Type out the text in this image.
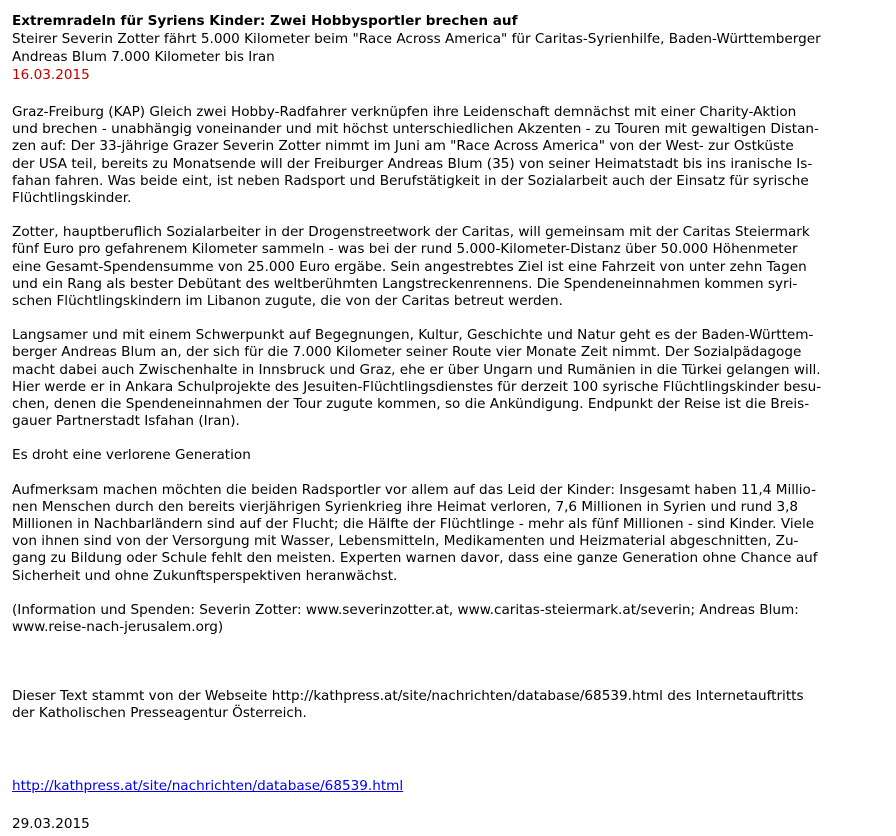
Extremradeln für Syriens Kinder: Zwei Hobbysportler brechen auf
Steirer Severin Zotter fährt 5.000 Kilometer beim "Race Across America" für Caritas-Syrienhilfe, Baden-Württemberger
Andreas Blum 7.000 Kilometer bis Iran
16.03.2015
Graz-Freiburg (KAP) Gleich zwei Hobby-Radfahrer verknüpfen ihre Leidenschaft demnächst mit einer Charity-Aktion
und brechen - unabhängig voneinander und mit höchst unterschiedlichen Akzenten - zu Touren mit gewaltigen Distan-
zen auf: Der 33-jährige Grazer Severin Zotter nimmt im Juni am "Race Across America" von der West- zur Ostküste
der USA teil, bereits zu Monatsende will der Freiburger Andreas Blum (35) von seiner Heimatstadt bis ins iranische Is-
fahan fahren. Was beide eint, ist neben Radsport und Berufstätigkeit in der Sozialarbeit auch der Einsatz für syrische
Flüchtlingskinder.
Zotter, hauptberuflich Sozialarbeiter in der Drogenstreetwork der Caritas, will gemeinsam mit der Caritas Steiermark
fünf Euro pro gefahrenem Kilometer sammeln - was bei der rund 5.000-Kilometer-Distanz über 50.000 Höhenmeter
eine Gesamt-Spendensumme von 25.000 Euro ergäbe. Sein angestrebtes Ziel ist eine Fahrzeit von unter zehn Tagen
und ein Rang als bester Debütant des weltberühmten Langstreckenrennens. Die Spendeneinnahmen kommen syri-
schen Flüchtlingskindern im Libanon zugute, die von der Caritas betreut werden.
Langsamer und mit einem Schwerpunkt auf Begegnungen, Kultur, Geschichte und Natur geht es der Baden-Württem-
berger Andreas Blum an, der sich für die 7.000 Kilometer seiner Route vier Monate Zeit nimmt. Der Sozialpädagoge
macht dabei auch Zwischenhalte in Innsbruck und Graz, ehe er über Ungarn und Rumänien in die Türkei gelangen will.
Hier werde er in Ankara Schulprojekte des Jesuiten-Flüchtlingsdienstes für derzeit 100 syrische Flüchtlingskinder besu-
chen, denen die Spendeneinnahmen der Tour zugute kommen, so die Ankündigung. Endpunkt der Reise ist die Breis-
gauer Partnerstadt Isfahan (Iran).
Es droht eine verlorene Generation
Aufmerksam machen möchten die beiden Radsportler vor allem auf das Leid der Kinder: Insgesamt haben 11,4 Millio-
nen Menschen durch den bereits vierjährigen Syrienkrieg ihre Heimat verloren, 7,6 Millionen in Syrien und rund 3,8
Millionen in Nachbarländern sind auf der Flucht; die Hälfte der Flüchtlinge - mehr als fünf Millionen - sind Kinder. Viele
von ihnen sind von der Versorgung mit Wasser, Lebensmitteln, Medikamenten und Heizmaterial abgeschnitten, Zu-
gang zu Bildung oder Schule fehlt den meisten. Experten warnen davor, dass eine ganze Generation ohne Chance auf
Sicherheit und ohne Zukunftsperspektiven heranwächst.
(Information und Spenden: Severin Zotter: www.severinzotter.at, www.caritas-steiermark.at/severin; Andreas Blum:
www.reise-nach-jerusalem.org)
Dieser Text stammt von der Webseite http://kathpress.at/site/nachrichten/database/68539.html des Internetauftritts
der Katholischen Presseagentur Österreich.
http://kathpress.at/site/nachrichten/database/68539.html
29.03.2015
